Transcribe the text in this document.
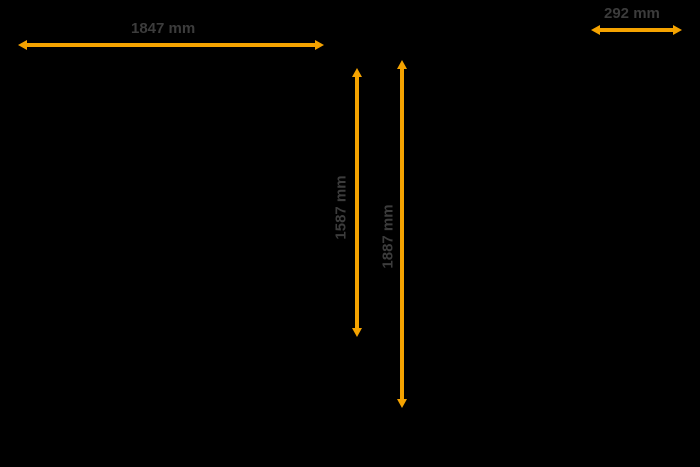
1847 mm
292 mm
1587 mm 1887 mm
